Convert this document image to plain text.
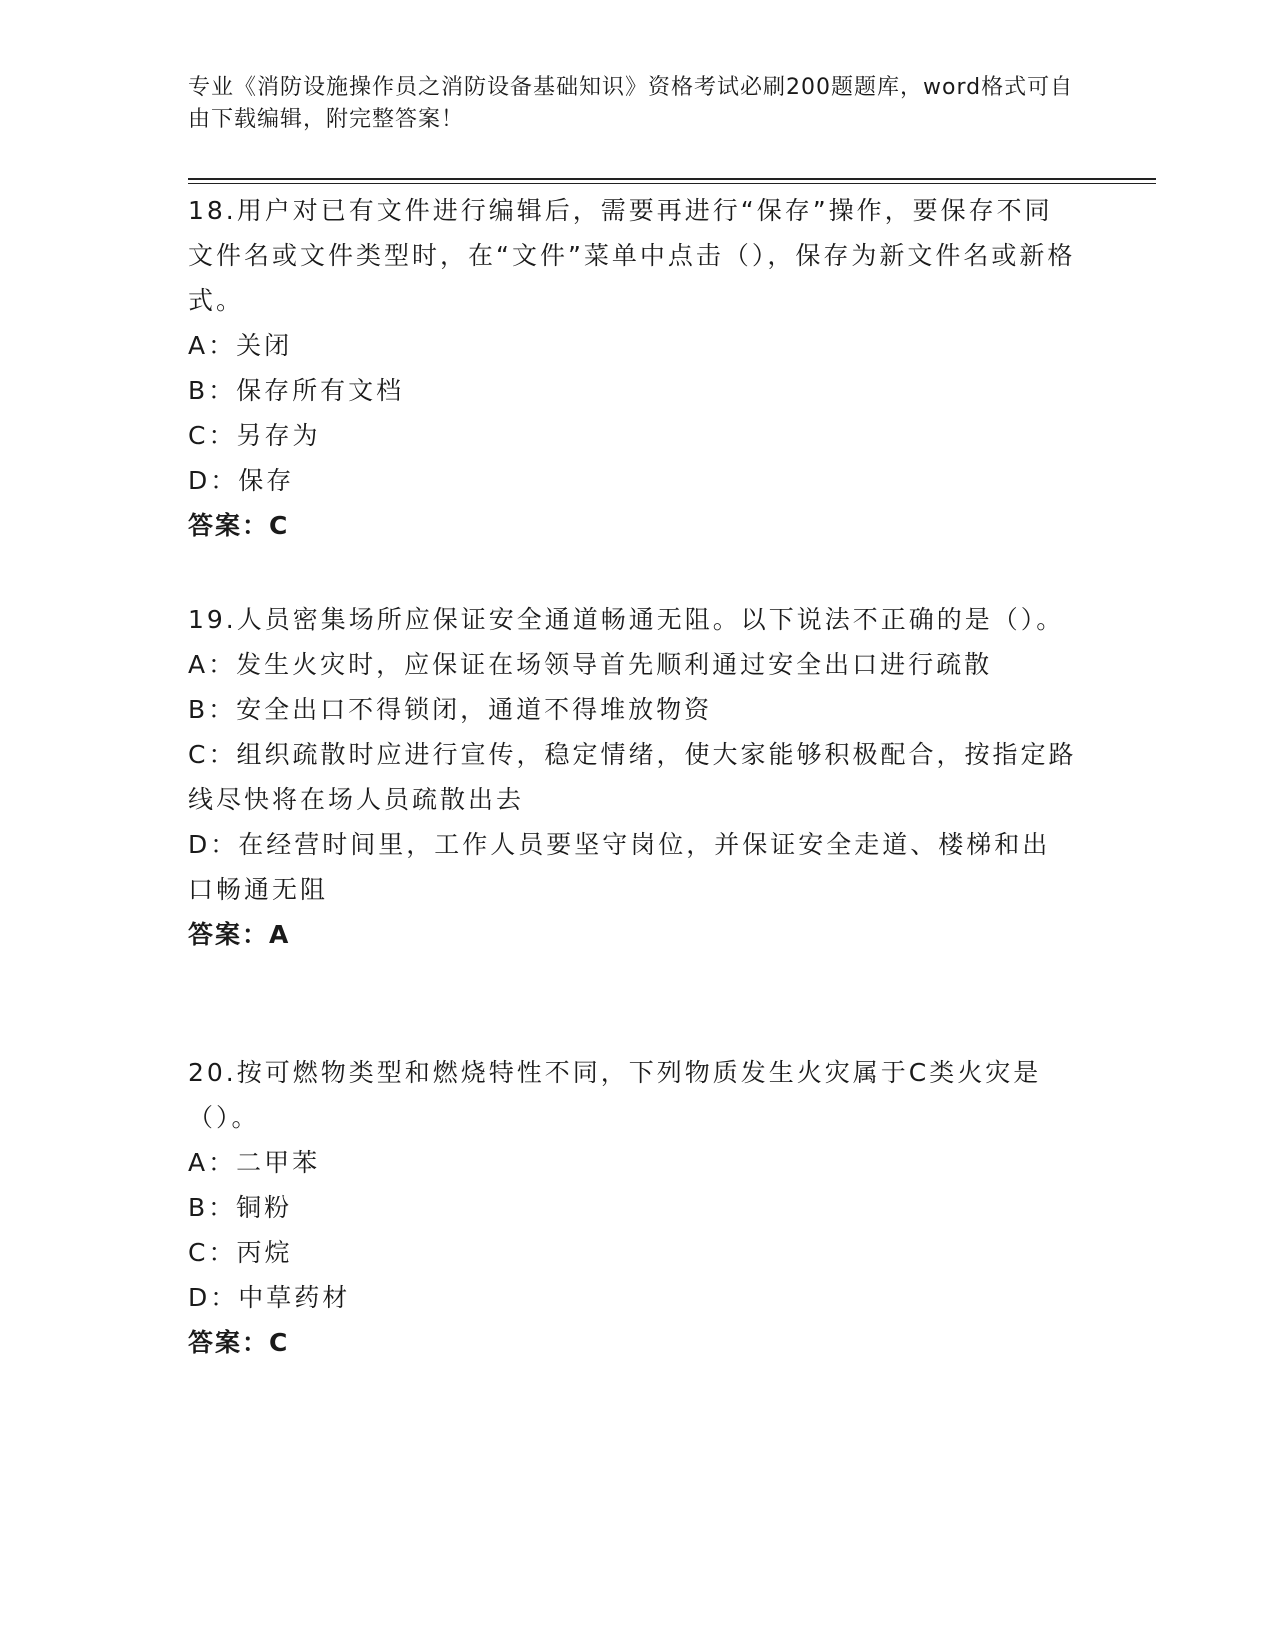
专业《消防设施操作员之消防设备基础知识》资格考试必刷200题题库，word格式可自由下载编辑，附完整答案！
18.用户对已有文件进行编辑后，需要再进行“保存”操作，要保存不同文件名或文件类型时，在“文件”菜单中点击（），保存为新文件名或新格式。
A：关闭
B：保存所有文档
C：另存为
D：保存
答案：C
19.人员密集场所应保证安全通道畅通无阻。以下说法不正确的是（）。
A：发生火灾时，应保证在场领导首先顺利通过安全出口进行疏散
B：安全出口不得锁闭，通道不得堆放物资
C：组织疏散时应进行宣传，稳定情绪，使大家能够积极配合，按指定路线尽快将在场人员疏散出去
D：在经营时间里，工作人员要坚守岗位，并保证安全走道、楼梯和出口畅通无阻
答案：A
20.按可燃物类型和燃烧特性不同，下列物质发生火灾属于C类火灾是（）。
A：二甲苯
B：铜粉
C：丙烷
D：中草药材
答案：C
